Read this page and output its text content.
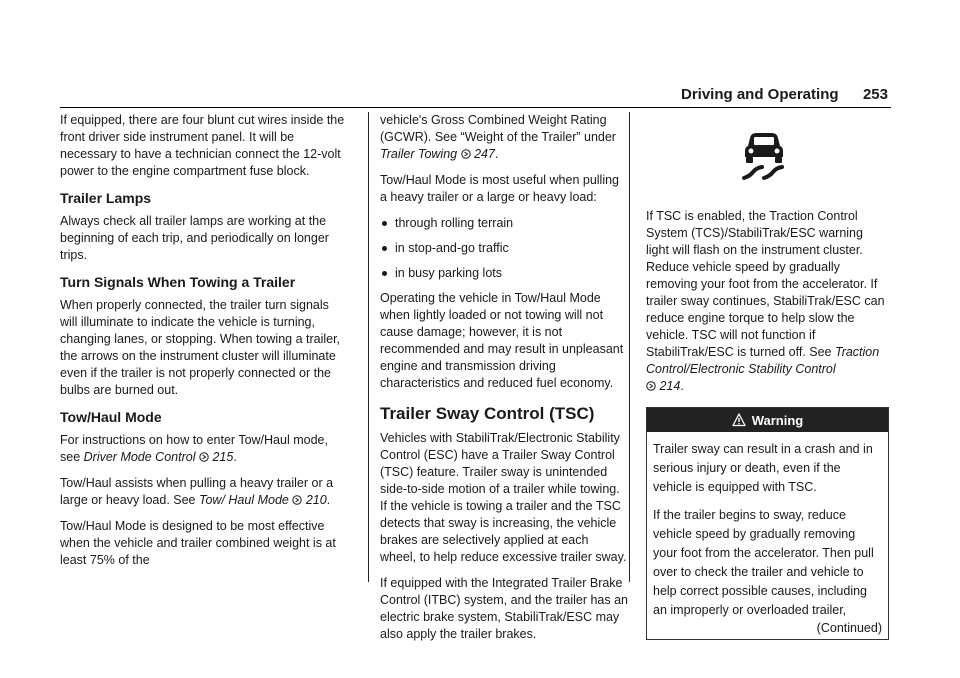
Driving and Operating 253

If equipped, there are four blunt cut wires inside the front driver side instrument panel. It will be necessary to have a technician connect the 12-volt power to the engine compartment fuse block.

Trailer Lamps

Always check all trailer lamps are working at the beginning of each trip, and periodically on longer trips.

Turn Signals When Towing a Trailer

When properly connected, the trailer turn signals will illuminate to indicate the vehicle is turning, changing lanes, or stopping. When towing a trailer, the arrows on the instrument cluster will illuminate even if the trailer is not properly connected or the bulbs are burned out.

Tow/Haul Mode

For instructions on how to enter Tow/Haul mode, see Driver Mode Control 215.

Tow/Haul assists when pulling a heavy trailer or a large or heavy load. See Tow/ Haul Mode 210.

Tow/Haul Mode is designed to be most effective when the vehicle and trailer combined weight is at least 75% of the

vehicle's Gross Combined Weight Rating (GCWR). See “Weight of the Trailer” under Trailer Towing 247.

Tow/Haul Mode is most useful when pulling a heavy trailer or a large or heavy load:

through rolling terrain
in stop-and-go traffic
in busy parking lots

Operating the vehicle in Tow/Haul Mode when lightly loaded or not towing will not cause damage; however, it is not recommended and may result in unpleasant engine and transmission driving characteristics and reduced fuel economy.

Trailer Sway Control (TSC)

Vehicles with StabiliTrak/Electronic Stability Control (ESC) have a Trailer Sway Control (TSC) feature. Trailer sway is unintended side-to-side motion of a trailer while towing. If the vehicle is towing a trailer and the TSC detects that sway is increasing, the vehicle brakes are selectively applied at each wheel, to help reduce excessive trailer sway.

If equipped with the Integrated Trailer Brake Control (ITBC) system, and the trailer has an electric brake system, StabiliTrak/ESC may also apply the trailer brakes.

If TSC is enabled, the Traction Control System (TCS)/StabiliTrak/ESC warning light will flash on the instrument cluster. Reduce vehicle speed by gradually removing your foot from the accelerator. If trailer sway continues, StabiliTrak/ESC can reduce engine torque to help slow the vehicle. TSC will not function if StabiliTrak/ESC is turned off. See Traction Control/Electronic Stability Control
214.

Warning

Trailer sway can result in a crash and in serious injury or death, even if the vehicle is equipped with TSC.

If the trailer begins to sway, reduce vehicle speed by gradually removing your foot from the accelerator. Then pull over to check the trailer and vehicle to help correct possible causes, including an improperly or overloaded trailer,

(Continued)
